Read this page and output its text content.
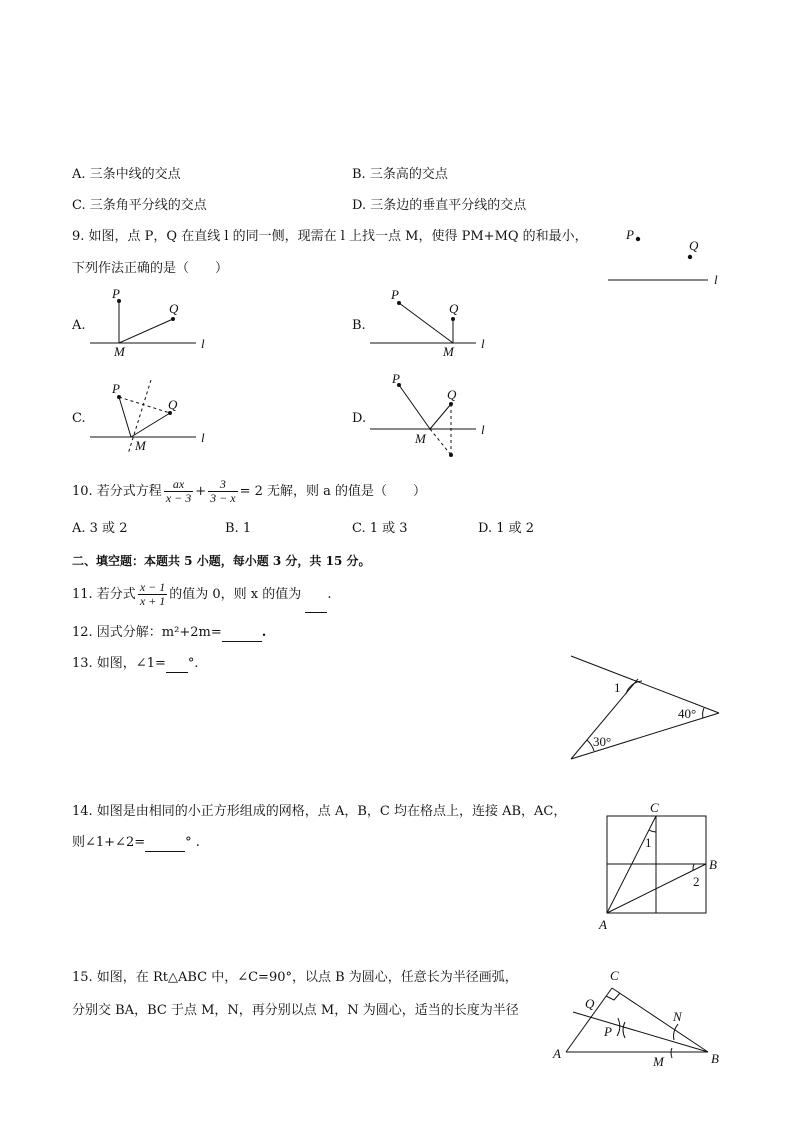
A. 三条中线的交点	B. 三条高的交点
C. 三条角平分线的交点	D. 三条边的垂直平分线的交点
9. 如图，点 P，Q 在直线 l 的同一侧，现需在 l 上找一点 M，使得 PM+MQ 的和最小，
下列作法正确的是（　　）
P
Q
l
A.
P
Q
M
l
B.
P
Q
M
l
C.
P
Q
M
l
D.
P
Q
M
l
10. 若分式方程 $\frac{ax}{x - 3} + \frac{3}{3 - x} = 2$ 无解，则 a 的值是（　　）
A. 3 或 2	B. 1	C. 1 或 3	D. 1 或 2
二、填空题：本题共 5 小题，每小题 3 分，共 15 分。
11. 若分式 $\frac{x - 1}{x + 1}$ 的值为 0，则 x 的值为 .
12. 因式分解：m²+2m=	.
13. 如图，∠1= °.
1
40°
30°
14. 如图是由相同的小正方形组成的网格，点 A，B，C 均在格点上，连接 AB，AC，
则∠1+∠2=	° .
C
B
A
1
2
15. 如图，在 Rt△ABC 中，∠C=90°，以点 B 为圆心，任意长为半径画弧，
分别交 BA，BC 于点 M，N，再分别以点 M，N 为圆心，适当的长度为半径
C
Q
P
N
A
M	B
